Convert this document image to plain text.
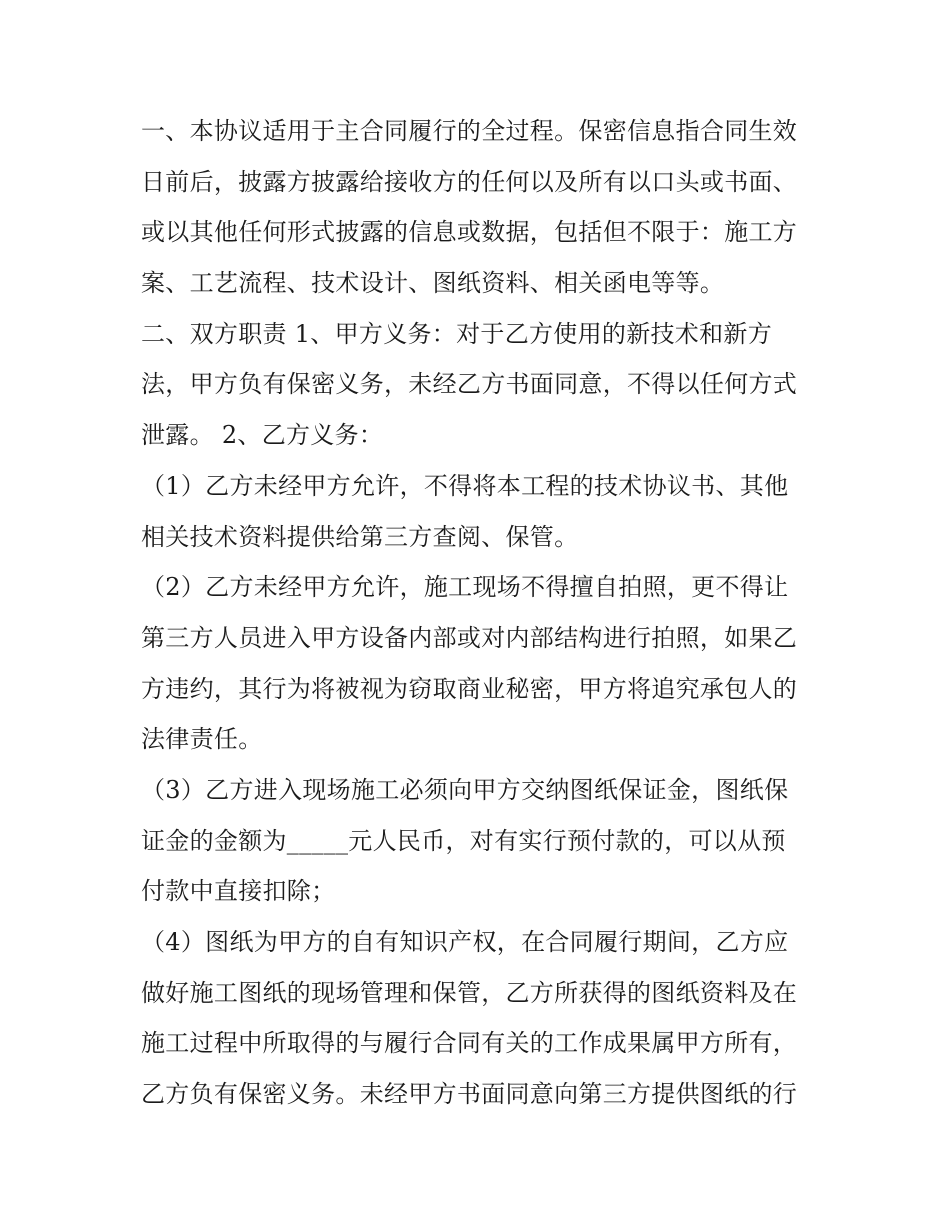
一、本协议适用于主合同履行的全过程。保密信息指合同生效
日前后，披露方披露给接收方的任何以及所有以口头或书面、
或以其他任何形式披露的信息或数据，包括但不限于：施工方
案、工艺流程、技术设计、图纸资料、相关函电等等。
二、双方职责 1、甲方义务：对于乙方使用的新技术和新方
法，甲方负有保密义务，未经乙方书面同意，不得以任何方式
泄露。 2、乙方义务：
（1）乙方未经甲方允许，不得将本工程的技术协议书、其他
相关技术资料提供给第三方查阅、保管。
（2）乙方未经甲方允许，施工现场不得擅自拍照，更不得让
第三方人员进入甲方设备内部或对内部结构进行拍照，如果乙
方违约，其行为将被视为窃取商业秘密，甲方将追究承包人的
法律责任。
（3）乙方进入现场施工必须向甲方交纳图纸保证金，图纸保
证金的金额为_____元人民币，对有实行预付款的，可以从预
付款中直接扣除；
（4）图纸为甲方的自有知识产权，在合同履行期间，乙方应
做好施工图纸的现场管理和保管，乙方所获得的图纸资料及在
施工过程中所取得的与履行合同有关的工作成果属甲方所有，
乙方负有保密义务。未经甲方书面同意向第三方提供图纸的行
